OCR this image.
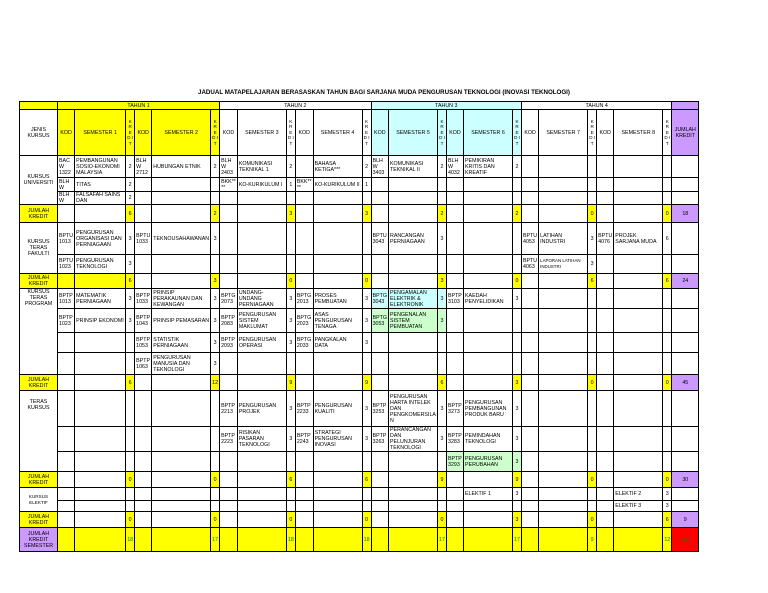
JADUAL MATAPELAJARAN BERASASKAN TAHUN BAGI SARJANA MUDA PENGURUSAN TEKNOLOGI (INOVASI TEKNOLOGI)
	TAHUN 1						TAHUN 2						TAHUN 3						TAHUN 4						
JENIS KURSUS	KOD	SEMESTER 1	K R E D I T	KOD	SEMESTER 2	K R E D I T	KOD	SEMESTER 3	K R E D I T	KOD	SEMESTER 4	K R E D I T	KOD	SEMESTER 5	K R E D I T	KOD	SEMESTER 6	K R E D I T	KOD	SEMESTER 7	K R E D I T	KOD	SEMESTER 8	K R E D I T	JUMLAH KREDIT
KURSUS UNIVERSITI	BAC W 1322	PEMBANGUNAN SOSIO-EKONOMI MALAYSIA	2	BLH W 2712	HUBUNGAN ETNIK	2	BLH W 2403	KOMUNIKASI TEKNIKAL 1	2		BAHASA KETIGA***	2	BLH W 3403	KOMUNIKASI TEKNIKAL II	2	BLH W 4032	PEMIKIRAN KRITIS DAN KREATIF	2							
	BLH W	TITAS	2				BKK** **	KO-KURIKULUM I	1	BKK** **	KO-KURIKULUM II	1													
	BLH W	FALSAFAH SAINS DAN	2																						
JUMLAH KREDIT			6			2			3			3			2			2			0			0	18
KURSUS TERAS FAKULTI	BPTU 1013	PENGURUSAN ORGANISASI DAN PERNIAGAAN	3	BPTU 1033	TEKNOUSAHAWANAN	3							BPTU 3043	RANCANGAN PERNIAGAAN	3				BPTU 4053	LATIHAN INDUSTRI	3	BPTU 4076	PROJEK SARJANA MUDA	6	
	BPTU 1023	PENGURUSAN TEKNOLOGI	3																BPTU 4063	LAPORAN LATIHAN INDUSTRI	3				
JUMLAH KREDIT			6			3			0			0			3			0			6			6	24
KURSUS TERAS PROGRAM	BPTP 1013	MATEMATIK PERNIAGAAN	3	BPTP 1033	PRINSIP PERAKAUNAN DAN KEWANGAN	3	BPTG 2073	UNDANG-UNDANG PERNIAGAAN	3	BPTG 2013	PROSES PEMBUATAN	3	BPTG 3043	PENGAMALAN ELEKTRIK & ELEKTRONIK	3	BPTP 3103	KAEDAH PENYELIDIKAN	3							
	BPTP 1023	PRINSIP EKONOMI	3	BPTP 1043	PRINSIP PEMASARAN	3	BPTP 2083	PENGURUSAN SISTEM MAKLUMAT	3	BPTG 2023	ASAS PENGURUSAN TENAGA	3	BPTG 3053	PENGENALAN SISTEM PEMBUATAN	3										
				BPTP 1053	STATISTIK PERNIAGAAN	3	BPTP 2093	PENGURUSAN OPERASI	3	BPTG 2033	PANGKALAN DATA	3													
				BPTP 1063	PENGURUSAN MANUSIA DAN TEKNOLOGI	3																			
JUMLAH KREDIT			6			12			9			9			6			3			0			0	45
TERAS KURSUS							BPTP 2213	PENGURUSAN PROJEK	3	BPTP 2233	PENGURUSAN KUALITI	3	BPTP 3253	PENGURUSAN HARTA INTELEK DAN PENGKOMERSILA N	3	BPTP 3273	PENGURUSAN PEMBANGUNAN PRODUK BARU	3							
							BPTP 2223	RISIKAN PASARAN TEKNOLOGI	3	BPTP 2243	STRATEGI PENGURUSAN INOVASI	3	BPTP 3263	PERANCANGAN DAN PELUNJURAN TEKNOLOGI	3	BPTP 3283	PEMINDAHAN TEKNOLOGI	3							
																BPTP 3293	PENGURUSAN PERUBAHAN	3							
JUMLAH KREDIT			0			0			6			6			9			9			0			0	30
KURSUS ELEKTIF																	ELEKTIF 1	3					ELEKTIF 2	3	
																							ELEKTIF 3	3	
JUMLAH KREDIT			0			0			0			0			0			3			0			6	9
JUMLAH KREDIT SEMESTER			18			17			18			18			17			17			9			12	126
